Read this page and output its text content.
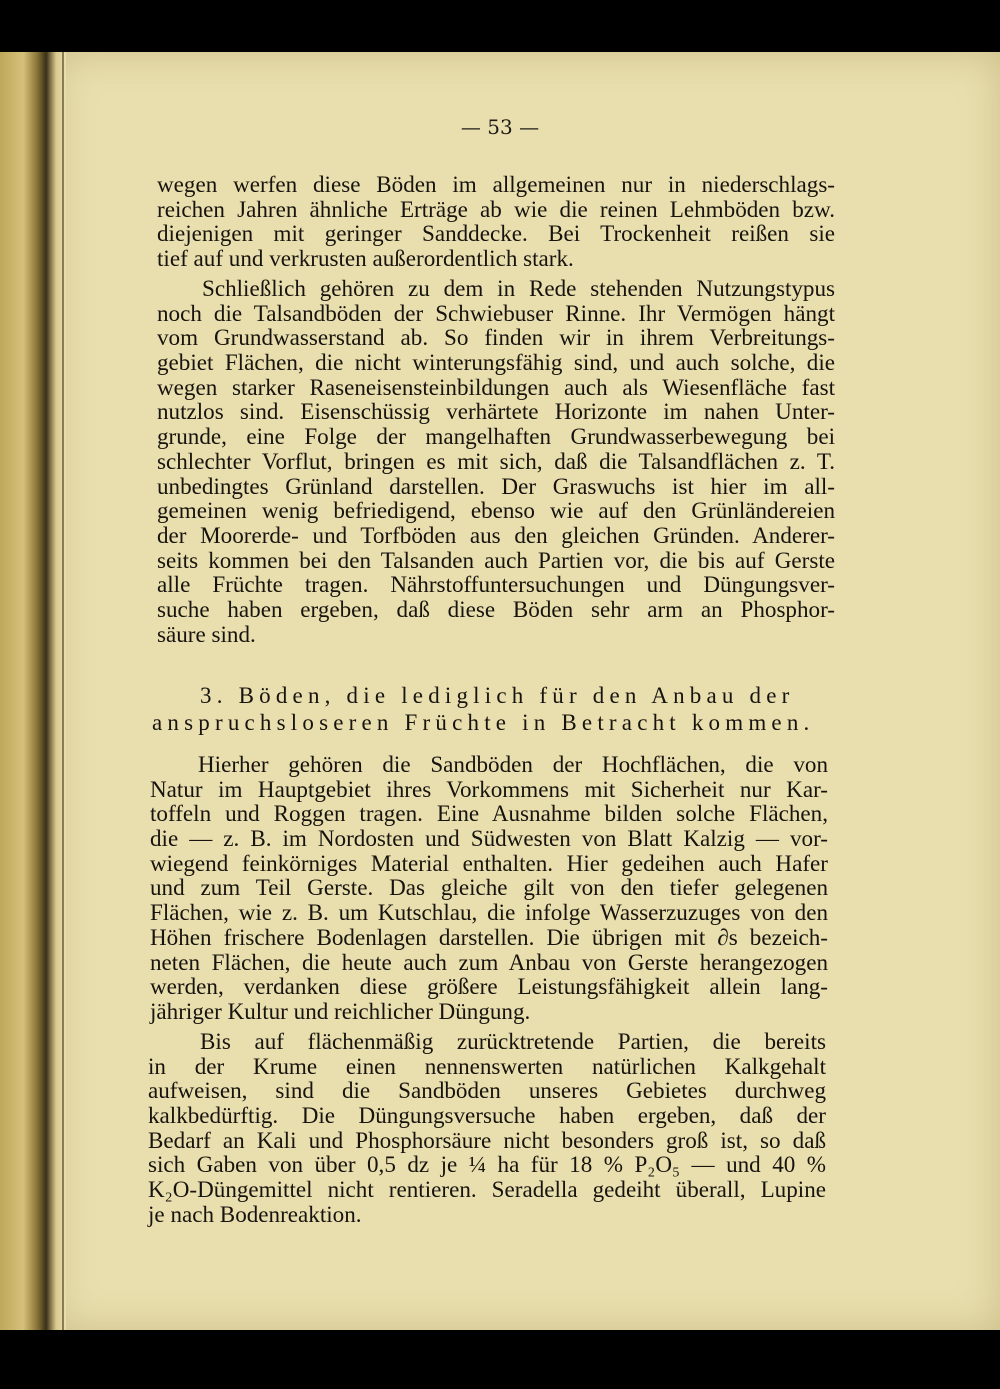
— 53 —
wegen werfen diese Böden im allgemeinen nur in niederschlags-
reichen Jahren ähnliche Erträge ab wie die reinen Lehmböden bzw.
diejenigen mit geringer Sanddecke. Bei Trockenheit reißen sie
tief auf und verkrusten außerordentlich stark.
Schließlich gehören zu dem in Rede stehenden Nutzungstypus
noch die Talsandböden der Schwiebuser Rinne. Ihr Vermögen hängt
vom Grundwasserstand ab. So finden wir in ihrem Verbreitungs-
gebiet Flächen, die nicht winterungsfähig sind, und auch solche, die
wegen starker Raseneisensteinbildungen auch als Wiesenfläche fast
nutzlos sind. Eisenschüssig verhärtete Horizonte im nahen Unter-
grunde, eine Folge der mangelhaften Grundwasserbewegung bei
schlechter Vorflut, bringen es mit sich, daß die Talsandflächen z. T.
unbedingtes Grünland darstellen. Der Graswuchs ist hier im all-
gemeinen wenig befriedigend, ebenso wie auf den Grünländereien
der Moorerde- und Torfböden aus den gleichen Gründen. Anderer-
seits kommen bei den Talsanden auch Partien vor, die bis auf Gerste
alle Früchte tragen. Nährstoffuntersuchungen und Düngungsver-
suche haben ergeben, daß diese Böden sehr arm an Phosphor-
säure sind.
3. Böden, die lediglich für den Anbau der
anspruchsloseren Früchte in Betracht kommen.
Hierher gehören die Sandböden der Hochflächen, die von
Natur im Hauptgebiet ihres Vorkommens mit Sicherheit nur Kar-
toffeln und Roggen tragen. Eine Ausnahme bilden solche Flächen,
die — z. B. im Nordosten und Südwesten von Blatt Kalzig — vor-
wiegend feinkörniges Material enthalten. Hier gedeihen auch Hafer
und zum Teil Gerste. Das gleiche gilt von den tiefer gelegenen
Flächen, wie z. B. um Kutschlau, die infolge Wasserzuzuges von den
Höhen frischere Bodenlagen darstellen. Die übrigen mit ∂s bezeich-
neten Flächen, die heute auch zum Anbau von Gerste herangezogen
werden, verdanken diese größere Leistungsfähigkeit allein lang-
jähriger Kultur und reichlicher Düngung.
Bis auf flächenmäßig zurücktretende Partien, die bereits
in der Krume einen nennenswerten natürlichen Kalkgehalt
aufweisen, sind die Sandböden unseres Gebietes durchweg
kalkbedürftig. Die Düngungsversuche haben ergeben, daß der
Bedarf an Kali und Phosphorsäure nicht besonders groß ist, so daß
sich Gaben von über 0,5 dz je ¼ ha für 18 % P₂O₅ — und 40 %
K₂O-Düngemittel nicht rentieren. Seradella gedeiht überall, Lupine
je nach Bodenreaktion.
